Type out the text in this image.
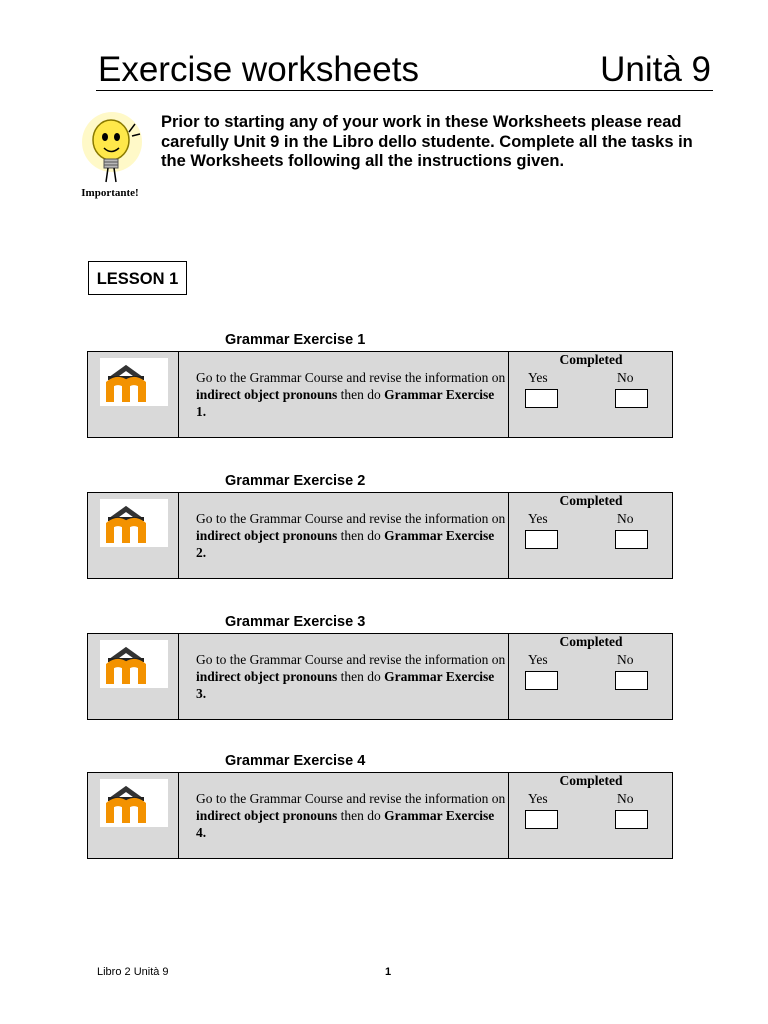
Exercise worksheets	Unità 9
Importante!
Prior to starting any of your work in these Worksheets please read carefully Unit 9 in the Libro dello studente. Complete all the tasks in the Worksheets following all the instructions given.
LESSON 1
Grammar Exercise 1
Go to the Grammar Course and revise the information on indirect object pronouns then do Grammar Exercise 1.
Completed
Yes	No
Grammar Exercise 2
Go to the Grammar Course and revise the information on indirect object pronouns then do Grammar Exercise 2.
Completed
Yes	No
Grammar Exercise 3
Go to the Grammar Course and revise the information on indirect object pronouns then do Grammar Exercise 3.
Completed
Yes	No
Grammar Exercise 4
Go to the Grammar Course and revise the information on indirect object pronouns then do Grammar Exercise 4.
Completed
Yes	No
Libro 2 Unità 9	1
